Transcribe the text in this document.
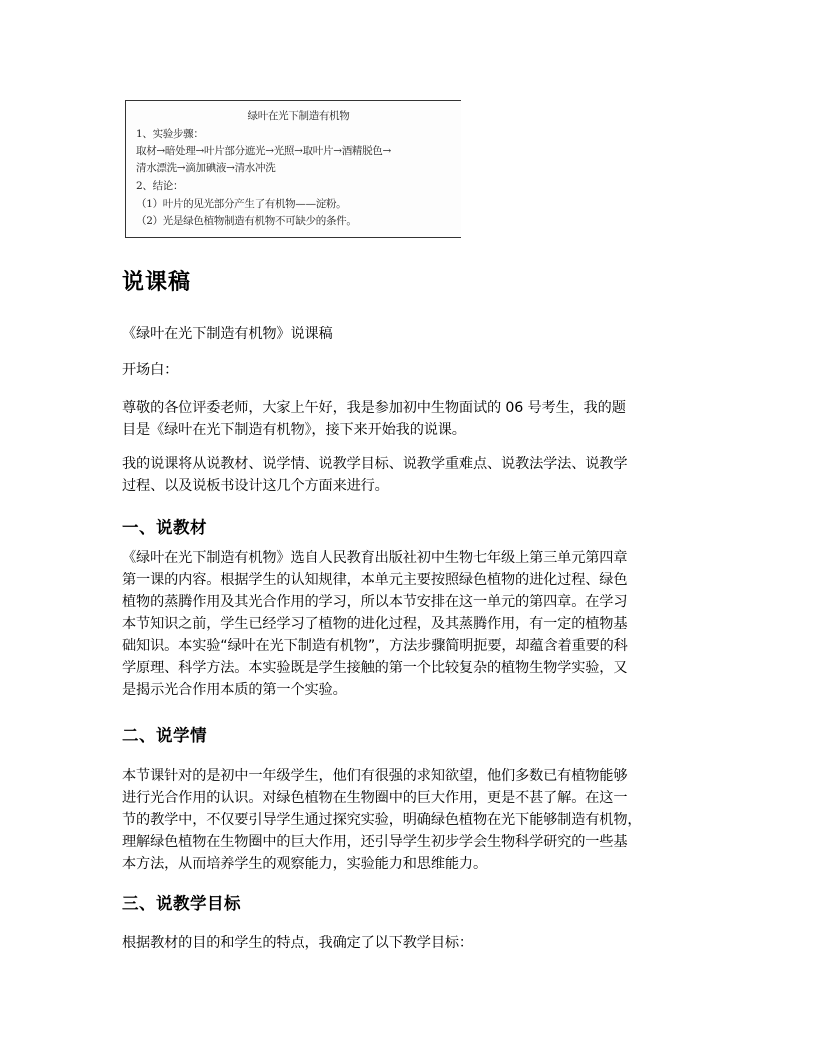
绿叶在光下制造有机物
1、实验步骤：
取材→暗处理→叶片部分遮光→光照→取叶片→酒精脱色→
清水漂洗→滴加碘液→清水冲洗
2、结论：
（1）叶片的见光部分产生了有机物——淀粉。
（2）光是绿色植物制造有机物不可缺少的条件。
说课稿

《绿叶在光下制造有机物》说课稿

开场白：

尊敬的各位评委老师，大家上午好，我是参加初中生物面试的 06 号考生，我的题
目是《绿叶在光下制造有机物》，接下来开始我的说课。

我的说课将从说教材、说学情、说教学目标、说教学重难点、说教法学法、说教学
过程、以及说板书设计这几个方面来进行。

一、说教材

《绿叶在光下制造有机物》选自人民教育出版社初中生物七年级上第三单元第四章
第一课的内容。根据学生的认知规律，本单元主要按照绿色植物的进化过程、绿色
植物的蒸腾作用及其光合作用的学习，所以本节安排在这一单元的第四章。在学习
本节知识之前，学生已经学习了植物的进化过程，及其蒸腾作用，有一定的植物基
础知识。本实验“绿叶在光下制造有机物”，方法步骤简明扼要，却蕴含着重要的科
学原理、科学方法。本实验既是学生接触的第一个比较复杂的植物生物学实验，又
是揭示光合作用本质的第一个实验。

二、说学情

本节课针对的是初中一年级学生，他们有很强的求知欲望，他们多数已有植物能够
进行光合作用的认识。对绿色植物在生物圈中的巨大作用，更是不甚了解。在这一
节的教学中，不仅要引导学生通过探究实验，明确绿色植物在光下能够制造有机物，
理解绿色植物在生物圈中的巨大作用，还引导学生初步学会生物科学研究的一些基
本方法，从而培养学生的观察能力，实验能力和思维能力。

三、说教学目标

根据教材的目的和学生的特点，我确定了以下教学目标：
